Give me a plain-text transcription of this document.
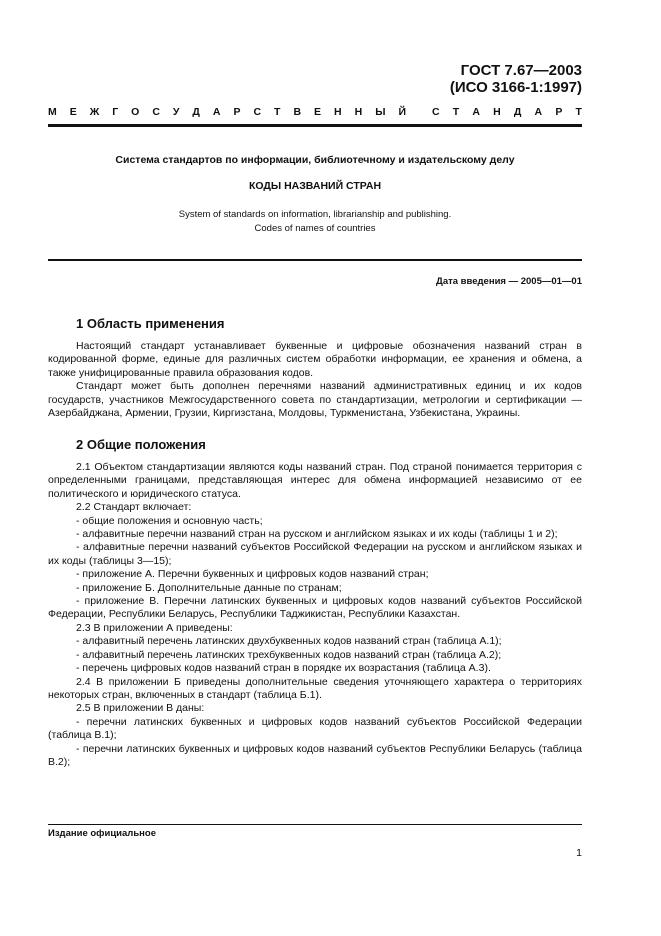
ГОСТ 7.67—2003
(ИСО 3166-1:1997)
М Е Ж Г О С У Д А Р С Т В Е Н Н Ы Й С Т А Н Д А Р Т
Система стандартов по информации, библиотечному и издательскому делу
КОДЫ НАЗВАНИЙ СТРАН
System of standards on information, librarianship and publishing.
Codes of names of countries
Дата введения — 2005—01—01
1 Область применения

Настоящий стандарт устанавливает буквенные и цифровые обозначения названий стран в кодированной форме, единые для различных систем обработки информации, ее хранения и обмена, а также унифицированные правила образования кодов.

Стандарт может быть дополнен перечнями названий административных единиц и их кодов государств, участников Межгосударственного совета по стандартизации, метрологии и сертификации — Азербайджана, Армении, Грузии, Киргизстана, Молдовы, Туркменистана, Узбекистана, Украины.

2 Общие положения

2.1 Объектом стандартизации являются коды названий стран. Под страной понимается территория с определенными границами, представляющая интерес для обмена информацией независимо от ее политического и юридического статуса.

2.2 Стандарт включает:

- общие положения и основную часть;

- алфавитные перечни названий стран на русском и английском языках и их коды (таблицы 1 и 2);

- алфавитные перечни названий субъектов Российской Федерации на русском и английском языках и их коды (таблицы 3—15);

- приложение А. Перечни буквенных и цифровых кодов названий стран;

- приложение Б. Дополнительные данные по странам;

- приложение В. Перечни латинских буквенных и цифровых кодов названий субъектов Российской Федерации, Республики Беларусь, Республики Таджикистан, Республики Казахстан.

2.3 В приложении А приведены:

- алфавитный перечень латинских двухбуквенных кодов названий стран (таблица А.1);

- алфавитный перечень латинских трехбуквенных кодов названий стран (таблица А.2);

- перечень цифровых кодов названий стран в порядке их возрастания (таблица А.3).

2.4 В приложении Б приведены дополнительные сведения уточняющего характера о территориях некоторых стран, включенных в стандарт (таблица Б.1).

2.5 В приложении В даны:

- перечни латинских буквенных и цифровых кодов названий субъектов Российской Федерации (таблица В.1);

- перечни латинских буквенных и цифровых кодов названий субъектов Республики Беларусь (таблица В.2);

Издание официальное
1
